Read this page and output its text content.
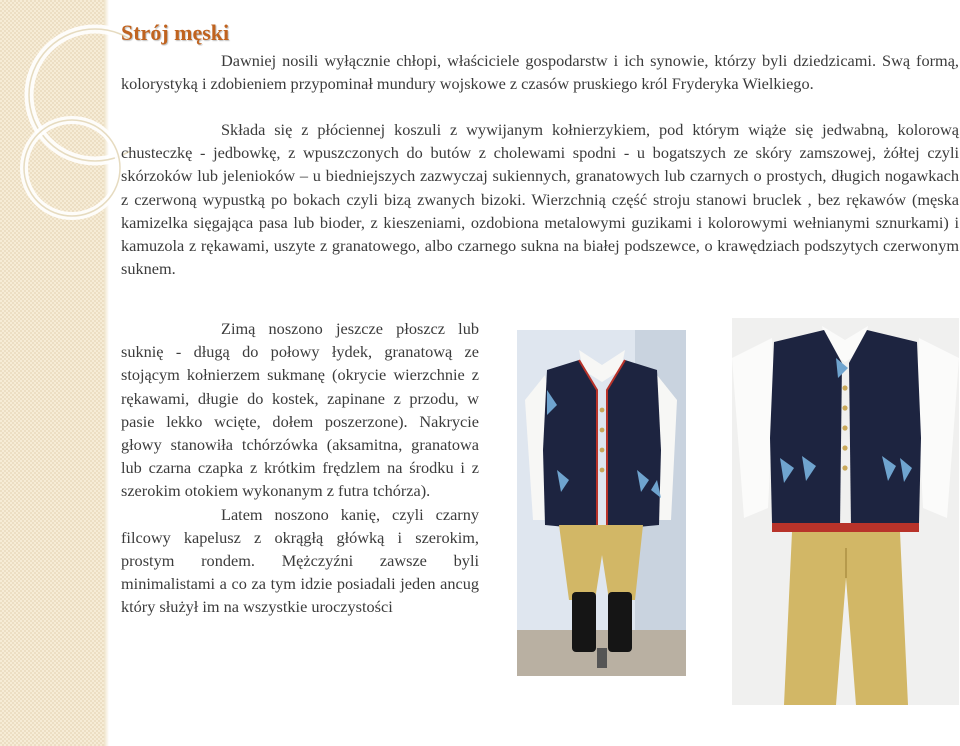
Strój męski

Dawniej nosili wyłącznie chłopi, właściciele gospodarstw i ich synowie, którzy byli dziedzicami. Swą formą, kolorystyką i zdobieniem przypominał mundury wojskowe z czasów pruskiego król Fryderyka Wielkiego.

Składa się z płóciennej koszuli z wywijanym kołnierzykiem, pod którym wiąże się jedwabną, kolorową chusteczkę - jedbowkę, z wpuszczonych do butów z cholewami spodni - u bogatszych ze skóry zamszowej, żółtej czyli skórzoków lub jelenioków – u biedniejszych zazwyczaj sukiennych, granatowych lub czarnych o prostych, długich nogawkach z czerwoną wypustką po bokach czyli bizą zwanych bizoki. Wierzchnią część stroju stanowi bruclek , bez rękawów (męska kamizelka sięgająca pasa lub bioder, z kieszeniami, ozdobiona metalowymi guzikami i kolorowymi wełnianymi sznurkami) i kamuzola z rękawami, uszyte z granatowego, albo czarnego sukna na białej podszewce, o krawędziach podszytych czerwonym suknem.

Zimą noszono jeszcze płoszcz lub suknię - długą do połowy łydek, granatową ze stojącym kołnierzem sukmanę (okrycie wierzchnie z rękawami, długie do kostek, zapinane z przodu, w pasie lekko wcięte, dołem poszerzone). Nakrycie głowy stanowiła tchórzówka (aksamitna, granatowa lub czarna czapka z krótkim frędzlem na środku i z szerokim otokiem wykonanym z futra tchórza).

Latem noszono kanię, czyli czarny filcowy kapelusz z okrągłą główką i szerokim, prostym rondem. Mężczyźni zawsze byli minimalistami a co za tym idzie posiadali jeden ancug który służył im na wszystkie uroczystości
